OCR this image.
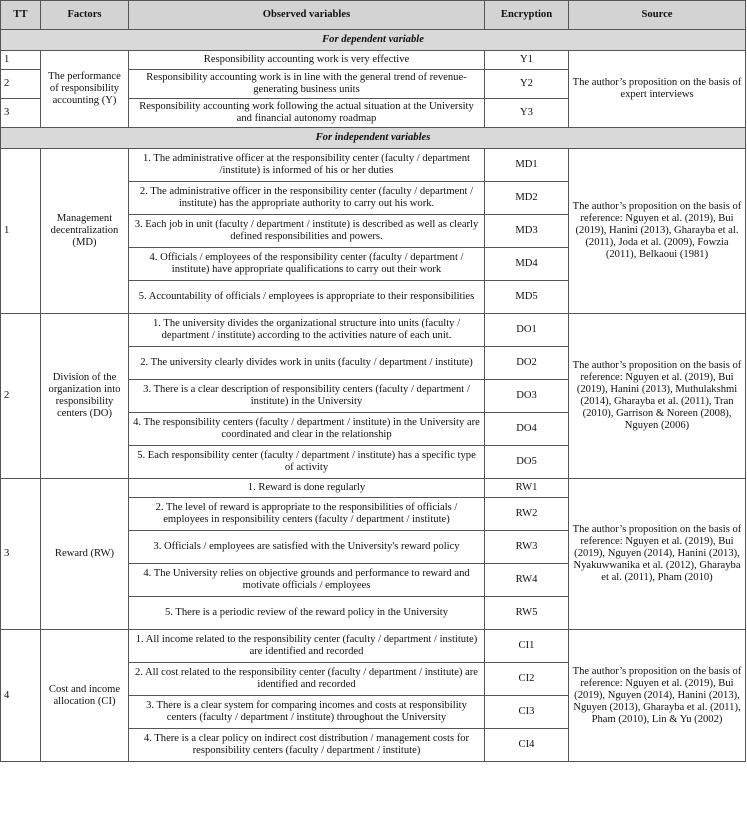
TT	Factors	Observed variables	Encryption	Source
For dependent variable				
1	The performance of responsibility accounting (Y)	Responsibility accounting work is very effective	Y1	The author’s proposition on the basis of expert interviews
2		Responsibility accounting work is in line with the general trend of revenue-generating business units	Y2	
3		Responsibility accounting work following the actual situation at the University and financial autonomy roadmap	Y3	
For independent variables				
1	Management decentralization (MD)	1. The administrative officer at the responsibility center (faculty / department /institute) is informed of his or her duties	MD1	The author’s proposition on the basis of reference: Nguyen et al. (2019), Bui (2019), Hanini (2013), Gharayba et al. (2011), Joda et al. (2009), Fowzia (2011), Belkaoui (1981)
		2. The administrative officer in the responsibility center (faculty / department / institute) has the appropriate authority to carry out his work.	MD2	
		3. Each job in unit (faculty / department / institute) is described as well as clearly defined responsibilities and powers.	MD3	
		4. Officials / employees of the responsibility center (faculty / department / institute) have appropriate qualifications to carry out their work	MD4	
		5. Accountability of officials / employees is appropriate to their responsibilities	MD5	
2	Division of the organization into responsibility centers (DO)	1. The university divides the organizational structure into units (faculty / department / institute) according to the activities nature of each unit.	DO1	The author’s proposition on the basis of reference: Nguyen et al. (2019), Bui (2019), Hanini (2013), Muthulakshmi (2014), Gharayba et al. (2011), Tran (2010), Garrison & Noreen (2008), Nguyen (2006)
		2. The university clearly divides work in units (faculty / department / institute)	DO2	
		3. There is a clear description of responsibility centers (faculty / department / institute) in the University	DO3	
		4. The responsibility centers (faculty / department / institute) in the University are coordinated and clear in the relationship	DO4	
		5. Each responsibility center (faculty / department / institute) has a specific type of activity	DO5	
3	Reward (RW)	1. Reward is done regularly	RW1	The author’s proposition on the basis of reference: Nguyen et al. (2019), Bui (2019), Nguyen (2014), Hanini (2013), Nyakuwwanika et al. (2012), Gharayba et al. (2011), Pham (2010)
		2. The level of reward is appropriate to the responsibilities of officials / employees in responsibility centers (faculty / department / institute)	RW2	
		3. Officials / employees are satisfied with the University's reward policy	RW3	
		4. The University relies on objective grounds and performance to reward and motivate officials / employees	RW4	
		5. There is a periodic review of the reward policy in the University	RW5	
4	Cost and income allocation (CI)	1. All income related to the responsibility center (faculty / department / institute) are identified and recorded	CI1	The author’s proposition on the basis of reference: Nguyen et al. (2019), Bui (2019), Nguyen (2014), Hanini (2013), Nguyen (2013), Gharayba et al. (2011), Pham (2010), Lin & Yu (2002)
		2. All cost related to the responsibility center (faculty / department / institute) are identified and recorded	CI2	
		3. There is a clear system for comparing incomes and costs at responsibility centers (faculty / department / institute) throughout the University	CI3	
		4. There is a clear policy on indirect cost distribution / management costs for responsibility centers (faculty / department / institute)	CI4	
